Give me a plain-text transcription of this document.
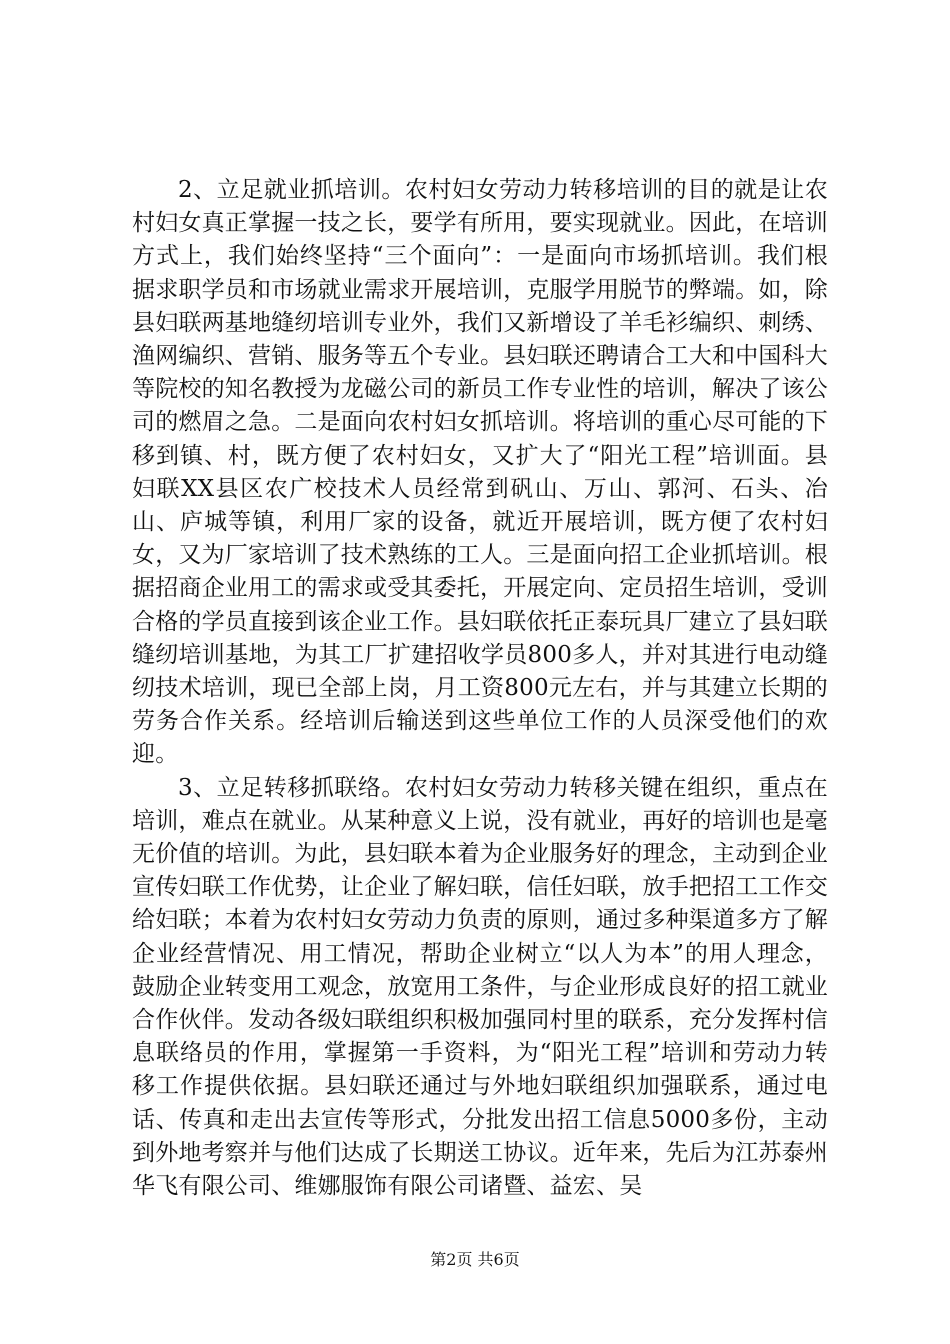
2、立足就业抓培训。农村妇女劳动力转移培训的目的就是让农村妇女真正掌握一技之长，要学有所用，要实现就业。因此，在培训方式上，我们始终坚持“三个面向”：一是面向市场抓培训。我们根据求职学员和市场就业需求开展培训，克服学用脱节的弊端。如，除县妇联两基地缝纫培训专业外，我们又新增设了羊毛衫编织、刺绣、渔网编织、营销、服务等五个专业。县妇联还聘请合工大和中国科大等院校的知名教授为龙磁公司的新员工作专业性的培训，解决了该公司的燃眉之急。二是面向农村妇女抓培训。将培训的重心尽可能的下移到镇、村，既方便了农村妇女，又扩大了“阳光工程”培训面。县妇联XX县区农广校技术人员经常到矾山、万山、郭河、石头、冶山、庐城等镇，利用厂家的设备，就近开展培训，既方便了农村妇女，又为厂家培训了技术熟练的工人。三是面向招工企业抓培训。根据招商企业用工的需求或受其委托，开展定向、定员招生培训，受训合格的学员直接到该企业工作。县妇联依托正泰玩具厂建立了县妇联缝纫培训基地，为其工厂扩建招收学员800多人，并对其进行电动缝纫技术培训，现已全部上岗，月工资800元左右，并与其建立长期的劳务合作关系。经培训后输送到这些单位工作的人员深受他们的欢迎。

3、立足转移抓联络。农村妇女劳动力转移关键在组织，重点在培训，难点在就业。从某种意义上说，没有就业，再好的培训也是毫无价值的培训。为此，县妇联本着为企业服务好的理念，主动到企业宣传妇联工作优势，让企业了解妇联，信任妇联，放手把招工工作交给妇联；本着为农村妇女劳动力负责的原则，通过多种渠道多方了解企业经营情况、用工情况，帮助企业树立“以人为本”的用人理念，鼓励企业转变用工观念，放宽用工条件，与企业形成良好的招工就业合作伙伴。发动各级妇联组织积极加强同村里的联系，充分发挥村信息联络员的作用，掌握第一手资料，为“阳光工程”培训和劳动力转移工作提供依据。县妇联还通过与外地妇联组织加强联系，通过电话、传真和走出去宣传等形式，分批发出招工信息5000多份，主动到外地考察并与他们达成了长期送工协议。近年来，先后为江苏泰州华飞有限公司、维娜服饰有限公司诸暨、益宏、吴

第2页 共6页
